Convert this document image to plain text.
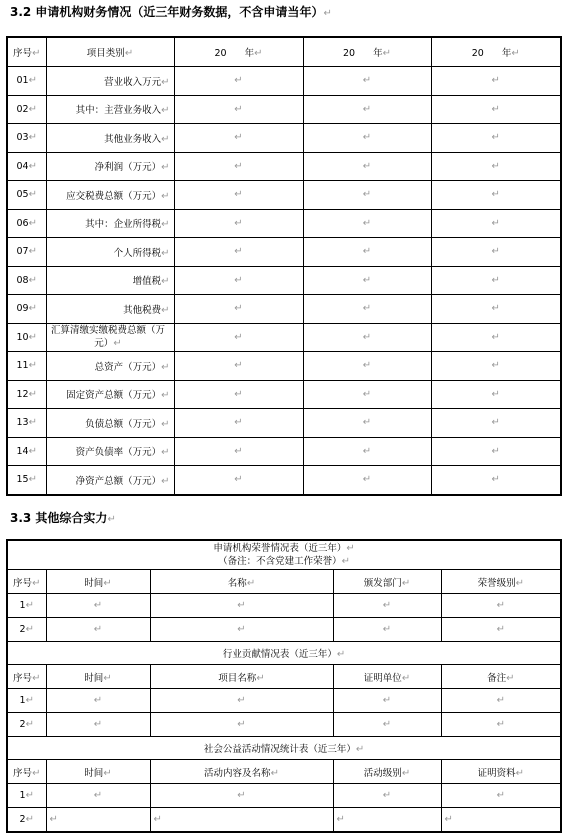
3.2 申请机构财务情况（近三年财务数据，不含申请当年）↵
序号↵	项目类别↵	20 年↵	20 年↵	20 年↵
01↵	营业收入万元↵	↵	↵	↵
02↵	其中：主营业务收入↵	↵	↵	↵
03↵	其他业务收入↵	↵	↵	↵
04↵	净利润（万元）↵	↵	↵	↵
05↵	应交税费总额（万元）↵	↵	↵	↵
06↵	其中：企业所得税↵	↵	↵	↵
07↵	个人所得税↵	↵	↵	↵
08↵	增值税↵	↵	↵	↵
09↵	其他税费↵	↵	↵	↵
10↵	汇算清缴实缴税费总额（万元）↵	↵	↵	↵
11↵	总资产（万元）↵	↵	↵	↵
12↵	固定资产总额（万元）↵	↵	↵	↵
13↵	负债总额（万元）↵	↵	↵	↵
14↵	资产负债率（万元）↵	↵	↵	↵
15↵	净资产总额（万元）↵	↵	↵	↵
3.3 其他综合实力↵
申请机构荣誉情况表（近三年）↵
（备注：不含党建工作荣誉）↵				
序号↵	时间↵	名称↵	颁发部门↵	荣誉级别↵
1↵	↵	↵	↵	↵
2↵	↵	↵	↵	↵
行业贡献情况表（近三年）↵				
序号↵	时间↵	项目名称↵	证明单位↵	备注↵
1↵	↵	↵	↵	↵
2↵	↵	↵	↵	↵
社会公益活动情况统计表（近三年）↵				
序号↵	时间↵	活动内容及名称↵	活动级别↵	证明资料↵
1↵	↵	↵	↵	↵
2↵	↵	↵	↵	↵
